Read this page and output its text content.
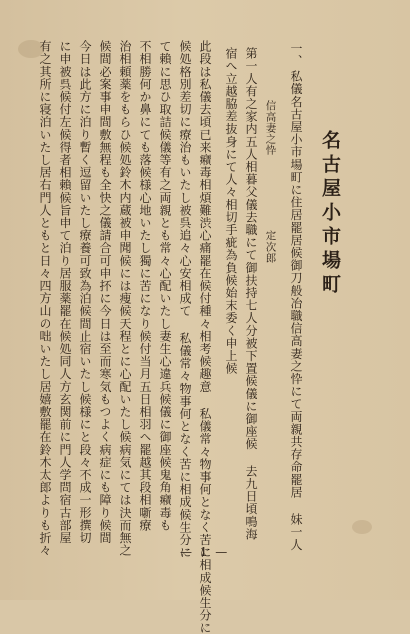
名古屋小市場町
一、
私儀名古屋小市場町に住居罷居候御刀般冶職信高妻之忰にて両親共存命罷居 妹一人
信高妻之忰
定次郎
第一人有之家内五人相暮父儀去職にて御扶持七人分被下置候儀に御座候 去九日頃鳴海
宿へ立越脇差抜身にて人々相切手疵為負候始末委く申上候
此段は私儀去頃已来癪毒相煩難渋心痛罷在候付種々相考候趣意 私儀常々物事何となく苦に相成候生分に
候処格別差切に療治もいたし被呉追々心安相成て 私儀常々物事何となく苦に相成候生分に
て賴に思ひ取詰候儀等有之両親とも常々心配いたし妻生心違兵候儀に御座候鬼角癪毒も
不相勝何か鼻にても落候様心地いたし獨に苦になり候付当月五日相羽ヘ罷越其段相噺療
治相頼薬をもらひ候処鈴木内蔵被申聞候には痩候天程とに心配いたし候病気にては決而無之
候間必案事申間敷無程も全快之儀請合可申抔に今日は至而寒気もつよく病症にも障り候間
今日は此方に泊り暫く逗留いたし療養可致為泊候間止宿いたし候様にと段々不成一形撰切
に申被呉候付左候得者相賴候旨申て泊り居服薬罷在候処同人方玄関前に門人学問宿古部屋
有之其所に寝泊いたし居右門人ともと日々四方山の咄いたし居嬉敷罷在鈴木太郎よりも折々	— 1 —
